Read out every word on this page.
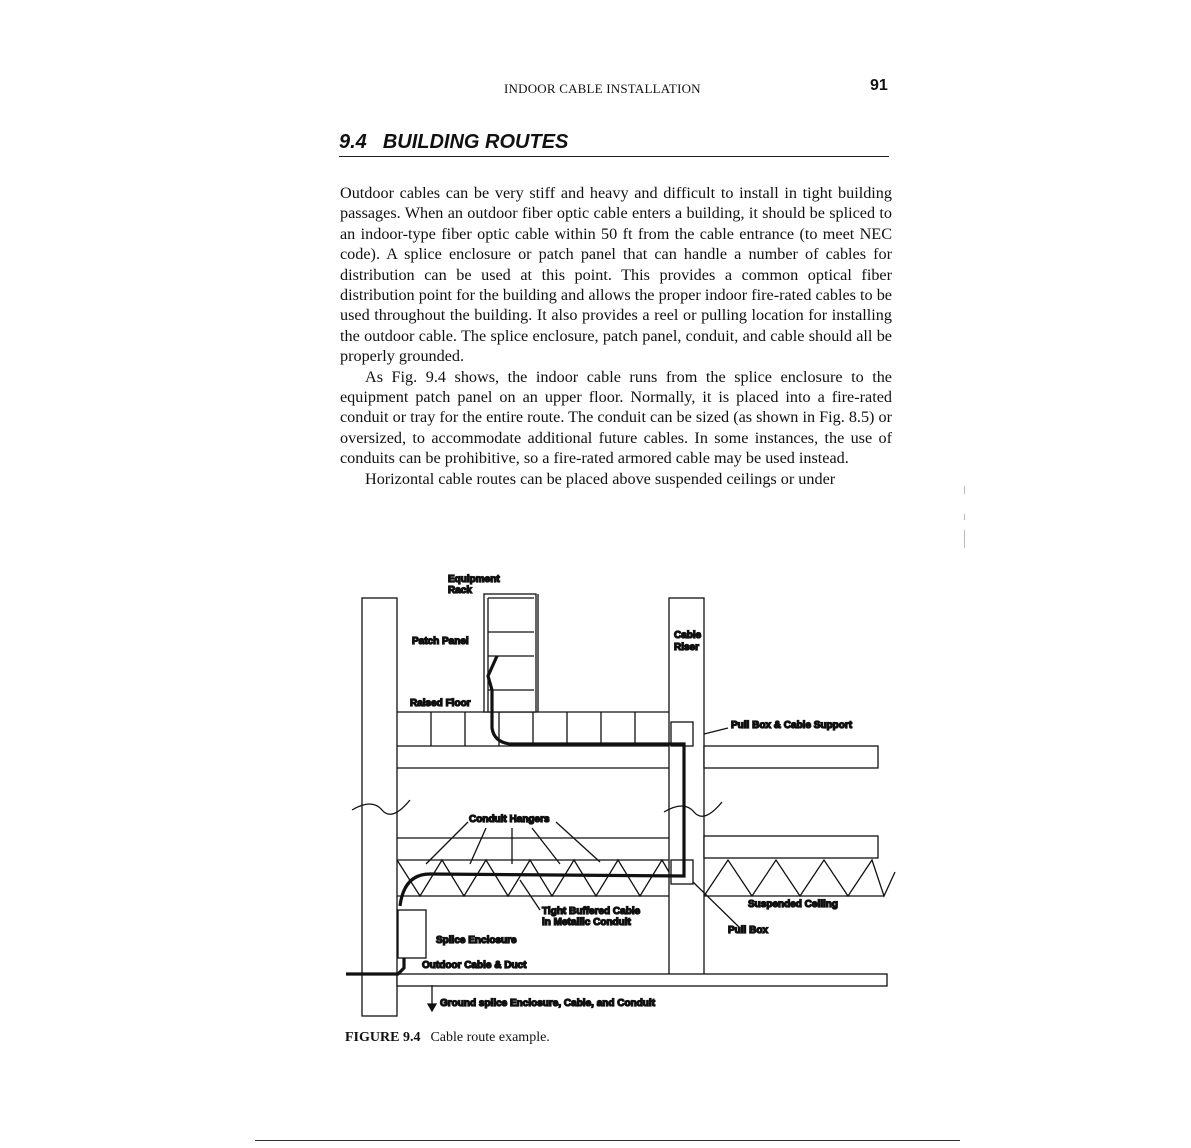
INDOOR CABLE INSTALLATION	91
9.4 BUILDING ROUTES

Outdoor cables can be very stiff and heavy and difficult to install in tight building passages. When an outdoor fiber optic cable enters a building, it should be spliced to an indoor-type fiber optic cable within 50 ft from the cable entrance (to meet NEC code). A splice enclosure or patch panel that can handle a number of cables for distribution can be used at this point. This provides a common optical fiber distribution point for the building and allows the proper indoor fire-rated cables to be used throughout the building. It also provides a reel or pulling location for installing the outdoor cable. The splice enclosure, patch panel, conduit, and cable should all be properly grounded.

As Fig. 9.4 shows, the indoor cable runs from the splice enclosure to the equipment patch panel on an upper floor. Normally, it is placed into a fire-rated conduit or tray for the entire route. The conduit can be sized (as shown in Fig. 8.5) or oversized, to accommodate additional future cables. In some instances, the use of conduits can be prohibitive, so a fire-rated armored cable may be used instead.

Horizontal cable routes can be placed above suspended ceilings or under

Equipment
Rack
Patch Panel
Raised Floor
Cable
Riser
Pull Box & Cable Support
Conduit Hangers
Tight Buffered Cable
in Metallic Conduit
Suspended Ceiling
Pull Box
Splice Enclosure
Outdoor Cable & Duct
Ground splice Enclosure, Cable, and Conduit
FIGURE 9.4 Cable route example.
